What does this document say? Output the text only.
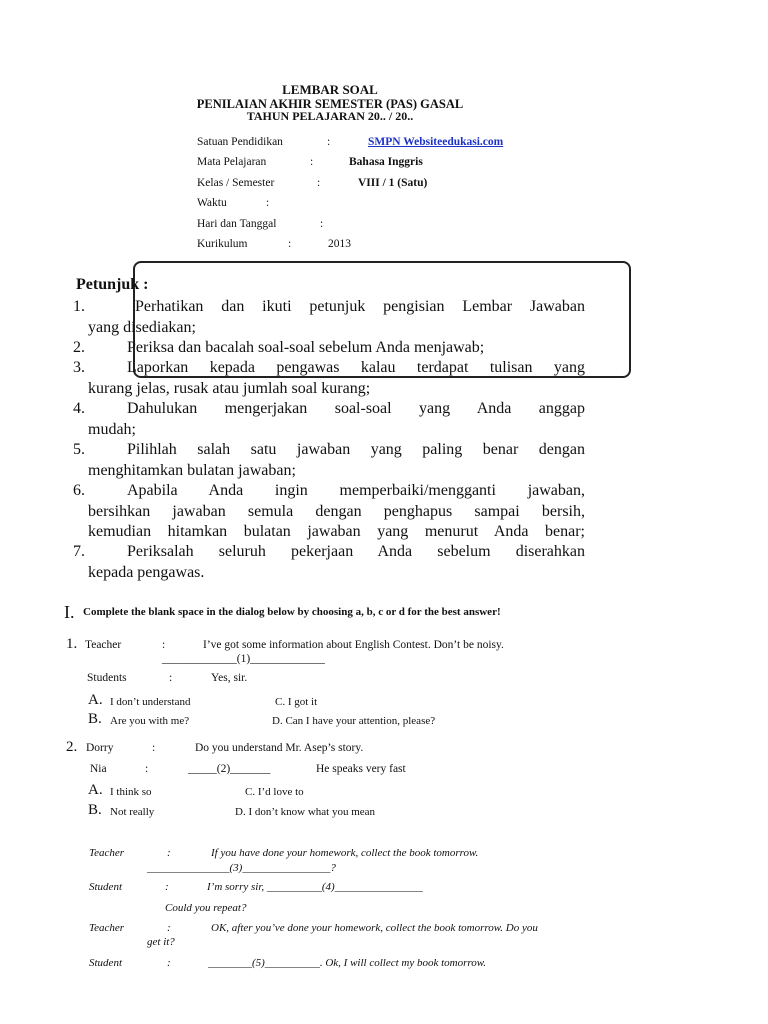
LEMBAR SOAL
PENILAIAN AKHIR SEMESTER (PAS) GASAL
TAHUN PELAJARAN 20.. / 20..
Satuan Pendidikan	:	SMPN Websiteedukasi.com
Mata Pelajaran	:	Bahasa Inggris
Kelas / Semester	:	VIII / 1 (Satu)
Waktu	:
Hari dan Tanggal	:
Kurikulum	:	2013
Petunjuk :
1.	Perhatikan dan ikuti petunjuk pengisian Lembar Jawaban
yang disediakan;
2.	Periksa dan bacalah soal-soal sebelum Anda menjawab;
3.	Laporkan kepada pengawas kalau terdapat tulisan yang
kurang jelas, rusak atau jumlah soal kurang;
4.	Dahulukan mengerjakan soal-soal yang Anda anggap
mudah;
5.	Pilihlah salah satu jawaban yang paling benar dengan
menghitamkan bulatan jawaban;
6.	Apabila Anda ingin memperbaiki/mengganti jawaban,
bersihkan jawaban semula dengan penghapus sampai bersih,
kemudian hitamkan bulatan jawaban yang menurut Anda benar;
7.	Periksalah seluruh pekerjaan Anda sebelum diserahkan
kepada pengawas.
I. Complete the blank space in the dialog below by choosing a, b, c or d for the best answer!
1. Teacher	:	I’ve got some information about English Contest. Don’t be noisy.
_____________(1)_____________
Students	:	Yes, sir.
A. I don’t understand	C. I got it
B. Are you with me?	D. Can I have your attention, please?
2. Dorry	:	Do you understand Mr. Asep’s story.
Nia	:	_____(2)_______	He speaks very fast
A. I think so	C. I’d love to
B. Not really	D. I don’t know what you mean
Teacher	:	If you have done your homework, collect the book tomorrow.
_______________(3)________________?
Student	:	I’m sorry sir, __________(4)________________
Could you repeat?
Teacher	:	OK, after you’ve done your homework, collect the book tomorrow. Do you
get it?
Student	:	________(5)__________. Ok, I will collect my book tomorrow.
